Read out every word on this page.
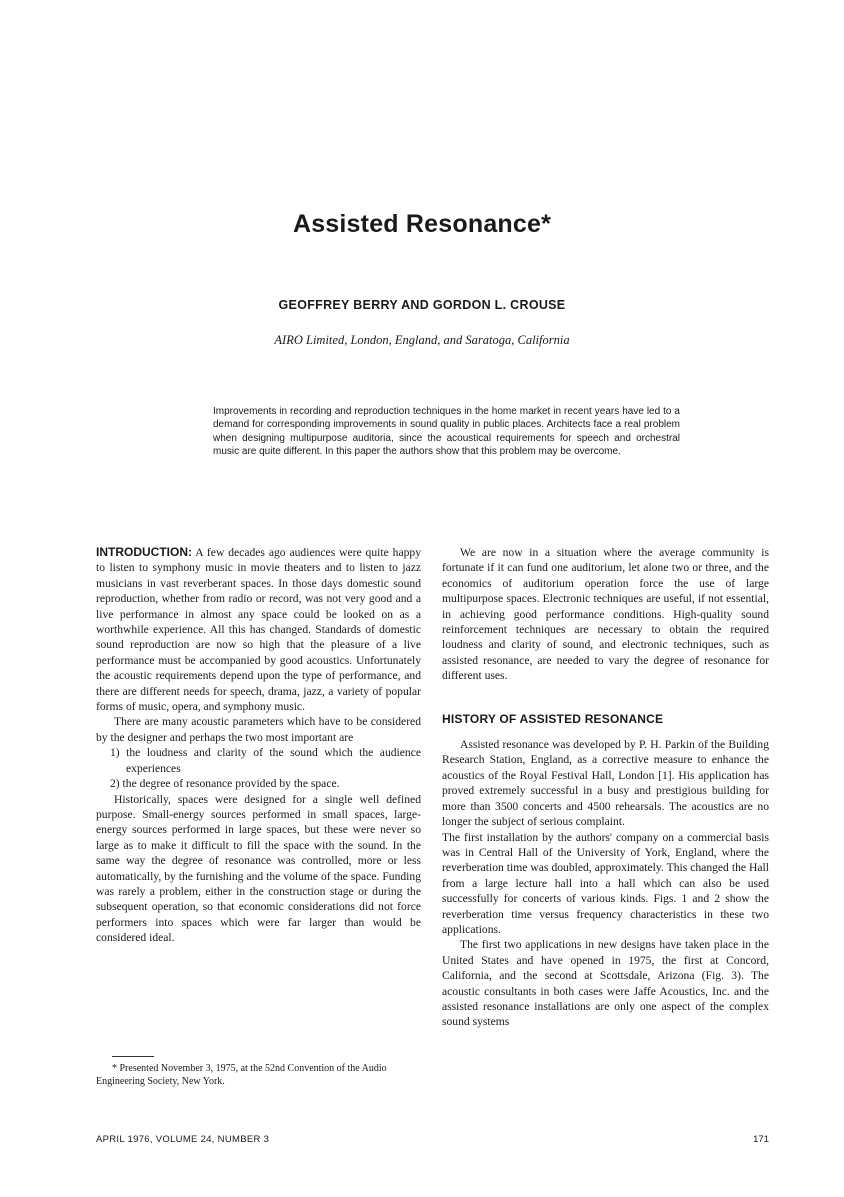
Assisted Resonance*
GEOFFREY BERRY AND GORDON L. CROUSE
AIRO Limited, London, England, and Saratoga, California

Improvements in recording and reproduction techniques in the home market in recent years have led to a demand for corresponding improvements in sound quality in public places. Architects face a real problem when designing multipurpose auditoria, since the acoustical requirements for speech and orchestral music are quite different. In this paper the authors show that this problem may be overcome.

INTRODUCTION: A few decades ago audiences were quite happy to listen to symphony music in movie theaters and to listen to jazz musicians in vast reverberant spaces. In those days domestic sound reproduction, whether from radio or record, was not very good and a live performance in almost any space could be looked on as a worthwhile experience. All this has changed. Standards of domestic sound reproduction are now so high that the pleasure of a live performance must be accompanied by good acoustics. Unfortunately the acoustic requirements depend upon the type of performance, and there are different needs for speech, drama, jazz, a variety of popular forms of music, opera, and symphony music.

There are many acoustic parameters which have to be considered by the designer and perhaps the two most important are

1) the loudness and clarity of the sound which the audience experiences
2) the degree of resonance provided by the space.

Historically, spaces were designed for a single well defined purpose. Small-energy sources performed in small spaces, large-energy sources performed in large spaces, but these were never so large as to make it difficult to fill the space with the sound. In the same way the degree of resonance was controlled, more or less automatically, by the furnishing and the volume of the space. Funding was rarely a problem, either in the construction stage or during the subsequent operation, so that economic considerations did not force performers into spaces which were far larger than would be considered ideal.

* Presented November 3, 1975, at the 52nd Convention of the Audio Engineering Society, New York.

We are now in a situation where the average community is fortunate if it can fund one auditorium, let alone two or three, and the economics of auditorium operation force the use of large multipurpose spaces. Electronic techniques are useful, if not essential, in achieving good performance conditions. High-quality sound reinforcement techniques are necessary to obtain the required loudness and clarity of sound, and electronic techniques, such as assisted resonance, are needed to vary the degree of resonance for different uses.

HISTORY OF ASSISTED RESONANCE

Assisted resonance was developed by P. H. Parkin of the Building Research Station, England, as a corrective measure to enhance the acoustics of the Royal Festival Hall, London [1]. His application has proved extremely successful in a busy and prestigious building for more than 3500 concerts and 4500 rehearsals. The acoustics are no longer the subject of serious complaint.

The first installation by the authors' company on a commercial basis was in Central Hall of the University of York, England, where the reverberation time was doubled, approximately. This changed the Hall from a large lecture hall into a hall which can also be used successfully for concerts of various kinds. Figs. 1 and 2 show the reverberation time versus frequency characteristics in these two applications.

The first two applications in new designs have taken place in the United States and have opened in 1975, the first at Concord, California, and the second at Scottsdale, Arizona (Fig. 3). The acoustic consultants in both cases were Jaffe Acoustics, Inc. and the assisted resonance installations are only one aspect of the complex sound systems

APRIL 1976, VOLUME 24, NUMBER 3	171
